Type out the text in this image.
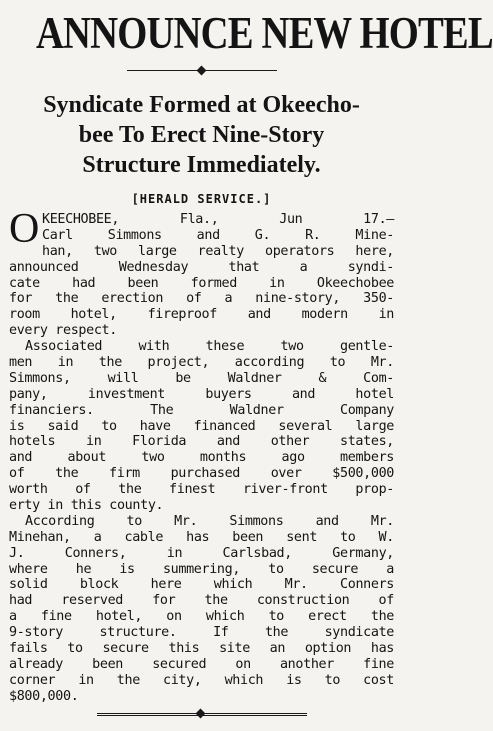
ANNOUNCE NEW HOTEL
Syndicate Formed at Okeecho-
bee To Erect Nine-Story
Structure Immediately.
[HERALD SERVICE.]
O KEECHOBEE, Fla., Jun 17.—
Carl Simmons and G. R. Mine-
han, two large realty operators here,
announced Wednesday that a syndi-
cate had been formed in Okeechobee
for the erection of a nine-story, 350-
room hotel, fireproof and modern in
every respect.
Associated with these two gentle-
men in the project, according to Mr.
Simmons, will be Waldner & Com-
pany, investment buyers and hotel
financiers. The Waldner Company
is said to have financed several large
hotels in Florida and other states,
and about two months ago members
of the firm purchased over $500,000
worth of the finest river-front prop-
erty in this county.
According to Mr. Simmons and Mr.
Minehan, a cable has been sent to W.
J. Conners, in Carlsbad, Germany,
where he is summering, to secure a
solid block here which Mr. Conners
had reserved for the construction of
a fine hotel, on which to erect the
9-story structure. If the syndicate
fails to secure this site an option has
already been secured on another fine
corner in the city, which is to cost
$800,000.
